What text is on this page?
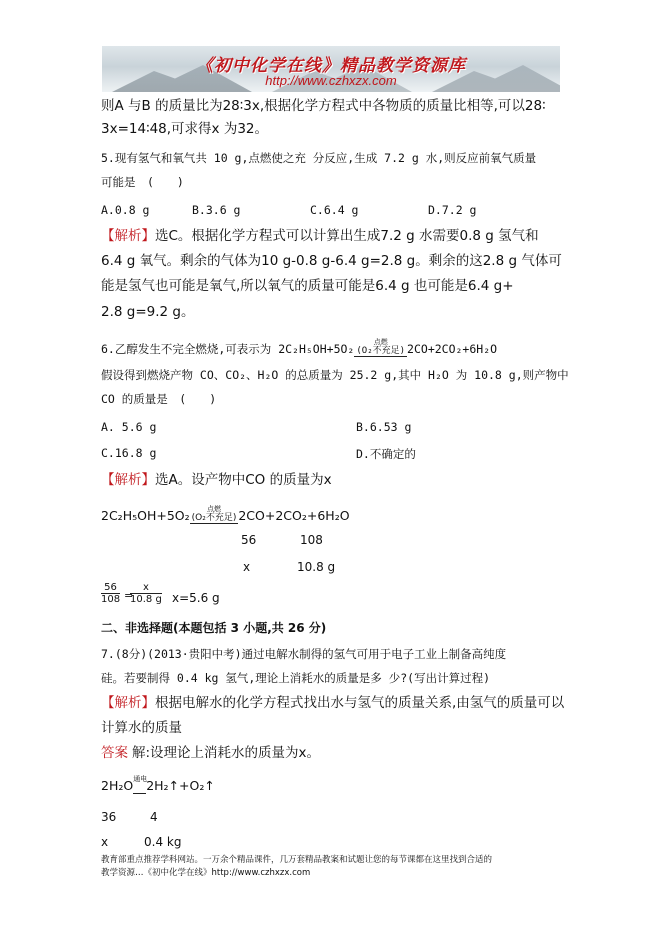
《初中化学在线》精品教学资源库
http://www.czhxzx.com
则A 与B 的质量比为28∶3x,根据化学方程式中各物质的质量比相等,可以28∶
3x=14∶48,可求得x 为32。
5.现有氢气和氧气共 10 g,点燃使之充 分反应,生成 7.2 g 水,则反应前氧气质量
可能是　(　　)
A.0.8 g	B.3.6 g	C.6.4 g	D.7.2 g
【解析】选C。根据化学方程式可以计算出生成7.2 g 水需要0.8 g 氢气和
6.4 g 氧气。剩余的气体为10 g-0.8 g-6.4 g=2.8 g。剩余的这2.8 g 气体可
能是氢气也可能是氧气,所以氧气的质量可能是6.4 g 也可能是6.4 g+
2.8 g=9.2 g。
6.乙醇发生不完全燃烧,可表示为 2C₂H₅OH+5O₂	点燃
(O₂不充足) 2CO+2CO₂+6H₂O
假设得到燃烧产物 CO、CO₂、H₂O 的总质量为 25.2 g,其中 H₂O 为 10.8 g,则产物中
CO 的质量是　(　　)
A. 5.6 g	B.6.53 g
C.16.8 g	D.不确定的
【解析】选A。设产物中CO 的质量为x
2C₂H₅OH+5O₂	点燃
(O₂不充足) 2CO+2CO₂+6H₂O
56	108
x	10.8 g
$\frac{56}{108}$ =
$\frac{x}{10.8 g} x=5.6$ g
二、非选择题(本题包括 3 小题,共 26 分)
7.(8分)(2013·贵阳中考)通过电解水制得的氢气可用于电子工业上制备高纯度
硅。若要制得 0.4 kg 氢气,理论上消耗水的质量是多 少?(写出计算过程)
【解析】根据电解水的化学方程式找出水与氢气的质量关系,由氢气的质量可以
计算水的质量
答案 解:设理论上消耗水的质量为x。
2H₂O 通电
  2H₂↑+O₂↑
36	4
x	0.4 kg
教育部重点推荐学科网站。一万余个精品课件，几万套精品教案和试题让您的每节课都在这里找到合适的
教学资源…《初中化学在线》http://www.czhxzx.com
